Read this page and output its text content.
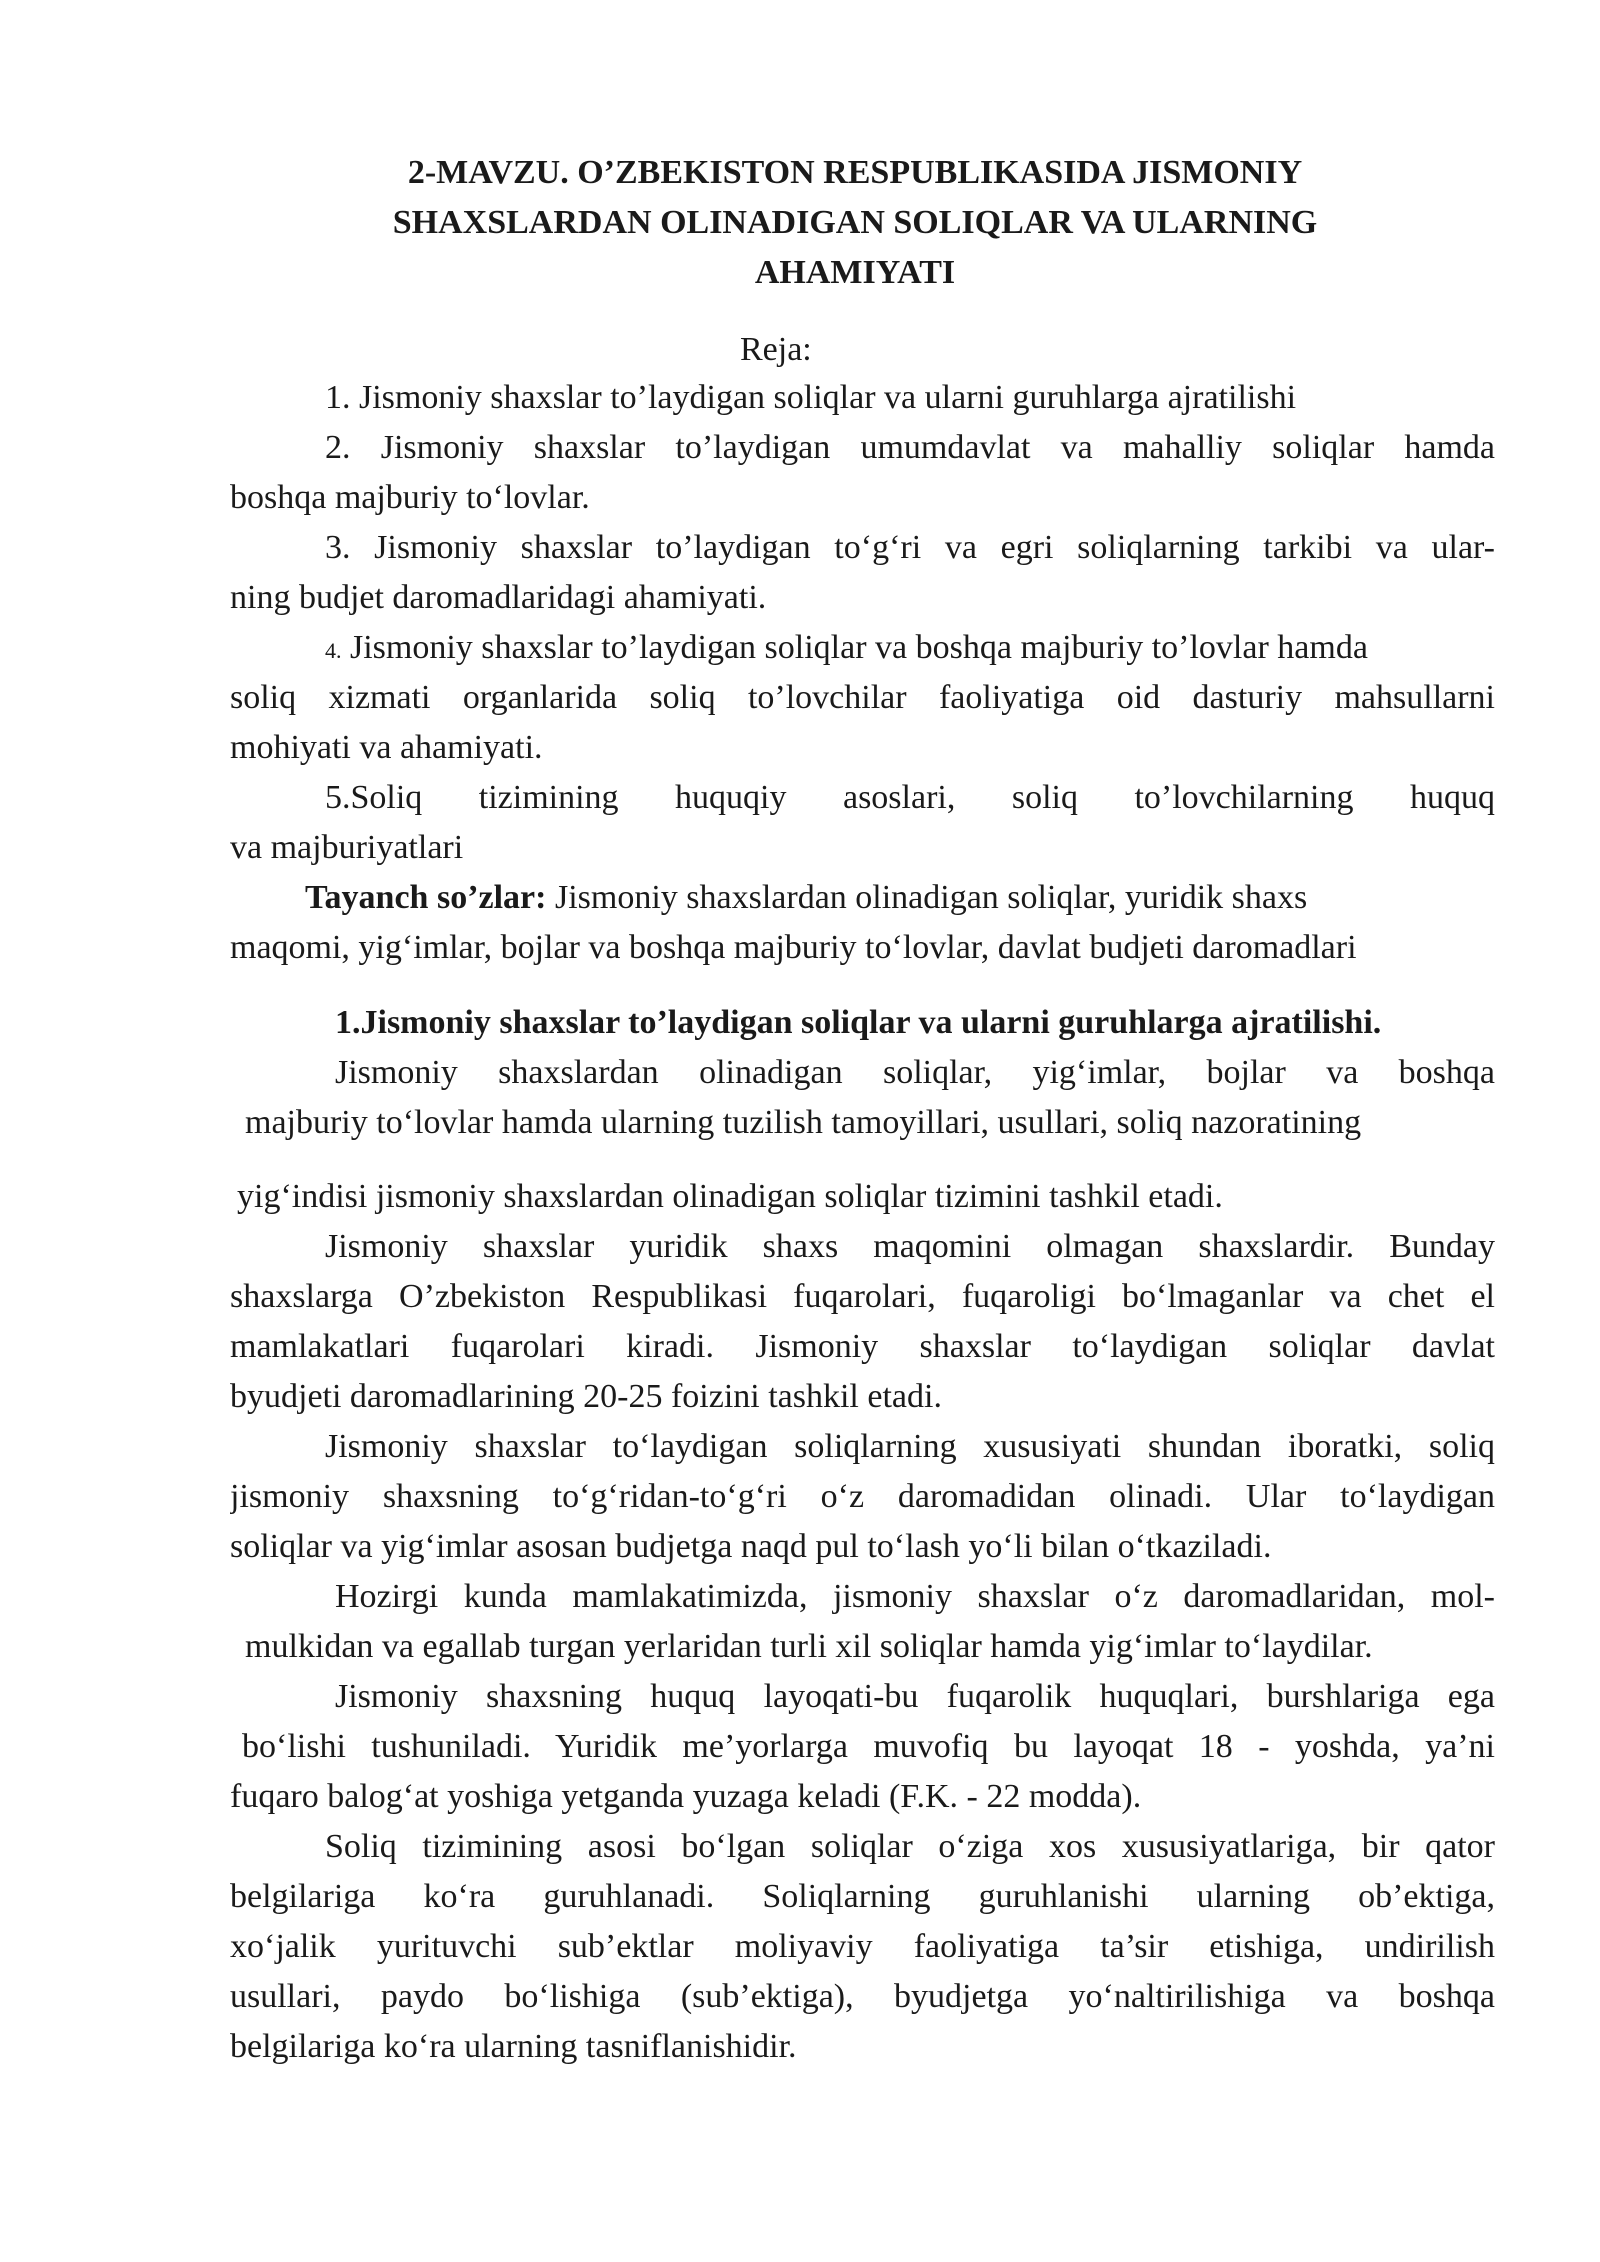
2-MAVZU. O’ZBEKISTON RESPUBLIKASIDA JISMONIY
SHAXSLARDAN OLINADIGAN SOLIQLAR VA ULARNING
AHAMIYATI
Reja:
1. Jismoniy shaxslar to’laydigan soliqlar va ularni guruhlarga ajratilishi
2. Jismoniy shaxslar to’laydigan umumdavlat va mahalliy soliqlar hamda
boshqa majburiy to‘lovlar.
3. Jismoniy shaxslar to’laydigan to‘g‘ri va egri soliqlarning tarkibi va ular-
ning budjet daromadlaridagi ahamiyati.
4. Jismoniy shaxslar to’laydigan soliqlar va boshqa majburiy to’lovlar hamda
soliq xizmati organlarida soliq to’lovchilar faoliyatiga oid dasturiy mahsullarni
mohiyati va ahamiyati.
5.Soliq tizimining huquqiy asoslari, soliq to’lovchilarning huquq
va majburiyatlari
Tayanch so’zlar: Jismoniy shaxslardan olinadigan soliqlar, yuridik shaxs
maqomi, yig‘imlar, bojlar va boshqa majburiy to‘lovlar, davlat budjeti daromadlari
1.Jismoniy shaxslar to’laydigan soliqlar va ularni guruhlarga ajratilishi.
Jismoniy shaxslardan olinadigan soliqlar, yig‘imlar, bojlar va boshqa
majburiy to‘lovlar hamda ularning tuzilish tamoyillari, usullari, soliq nazoratining
yig‘indisi jismoniy shaxslardan olinadigan soliqlar tizimini tashkil etadi.
Jismoniy shaxslar yuridik shaxs maqomini olmagan shaxslardir. Bunday
shaxslarga O’zbekiston Respublikasi fuqarolari, fuqaroligi bo‘lmaganlar va chet el
mamlakatlari fuqarolari kiradi. Jismoniy shaxslar to‘laydigan soliqlar davlat
byudjeti daromadlarining 20-25 foizini tashkil etadi.
Jismoniy shaxslar to‘laydigan soliqlarning xususiyati shundan iboratki, soliq
jismoniy shaxsning to‘g‘ridan-to‘g‘ri o‘z daromadidan olinadi. Ular to‘laydigan
soliqlar va yig‘imlar asosan budjetga naqd pul to‘lash yo‘li bilan o‘tkaziladi.
Hozirgi kunda mamlakatimizda, jismoniy shaxslar o‘z daromadlaridan, mol-
mulkidan va egallab turgan yerlaridan turli xil soliqlar hamda yig‘imlar to‘laydilar.
Jismoniy shaxsning huquq layoqati-bu fuqarolik huquqlari, burshlariga ega
bo‘lishi tushuniladi. Yuridik me’yorlarga muvofiq bu layoqat 18 - yoshda, ya’ni
fuqaro balog‘at yoshiga yetganda yuzaga keladi (F.K. - 22 modda).
Soliq tizimining asosi bo‘lgan soliqlar o‘ziga xos xususiyatlariga, bir qator
belgilariga ko‘ra guruhlanadi. Soliqlarning guruhlanishi ularning ob’ektiga,
xo‘jalik yurituvchi sub’ektlar moliyaviy faoliyatiga ta’sir etishiga, undirilish
usullari, paydo bo‘lishiga (sub’ektiga), byudjetga yo‘naltirilishiga va boshqa
belgilariga ko‘ra ularning tasniflanishidir.
